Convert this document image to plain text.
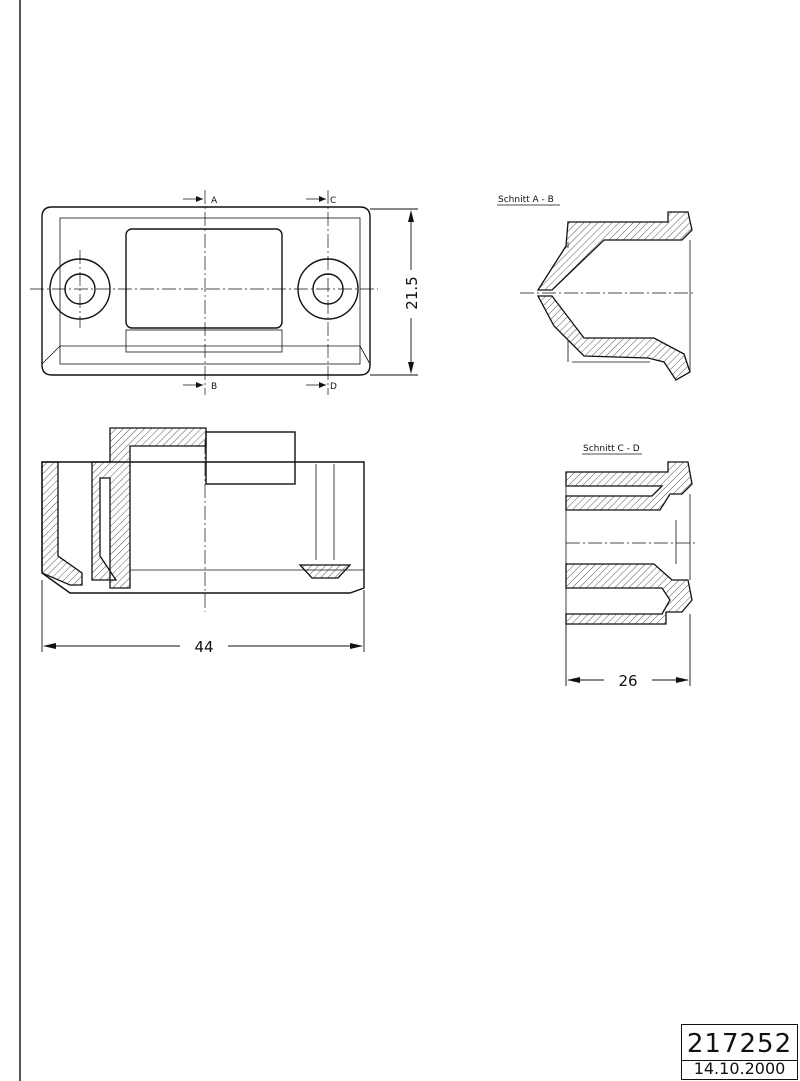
A	C
B	D
21.5
44
Schnitt A - B
Schnitt C - D
26
217252
14.10.2000
